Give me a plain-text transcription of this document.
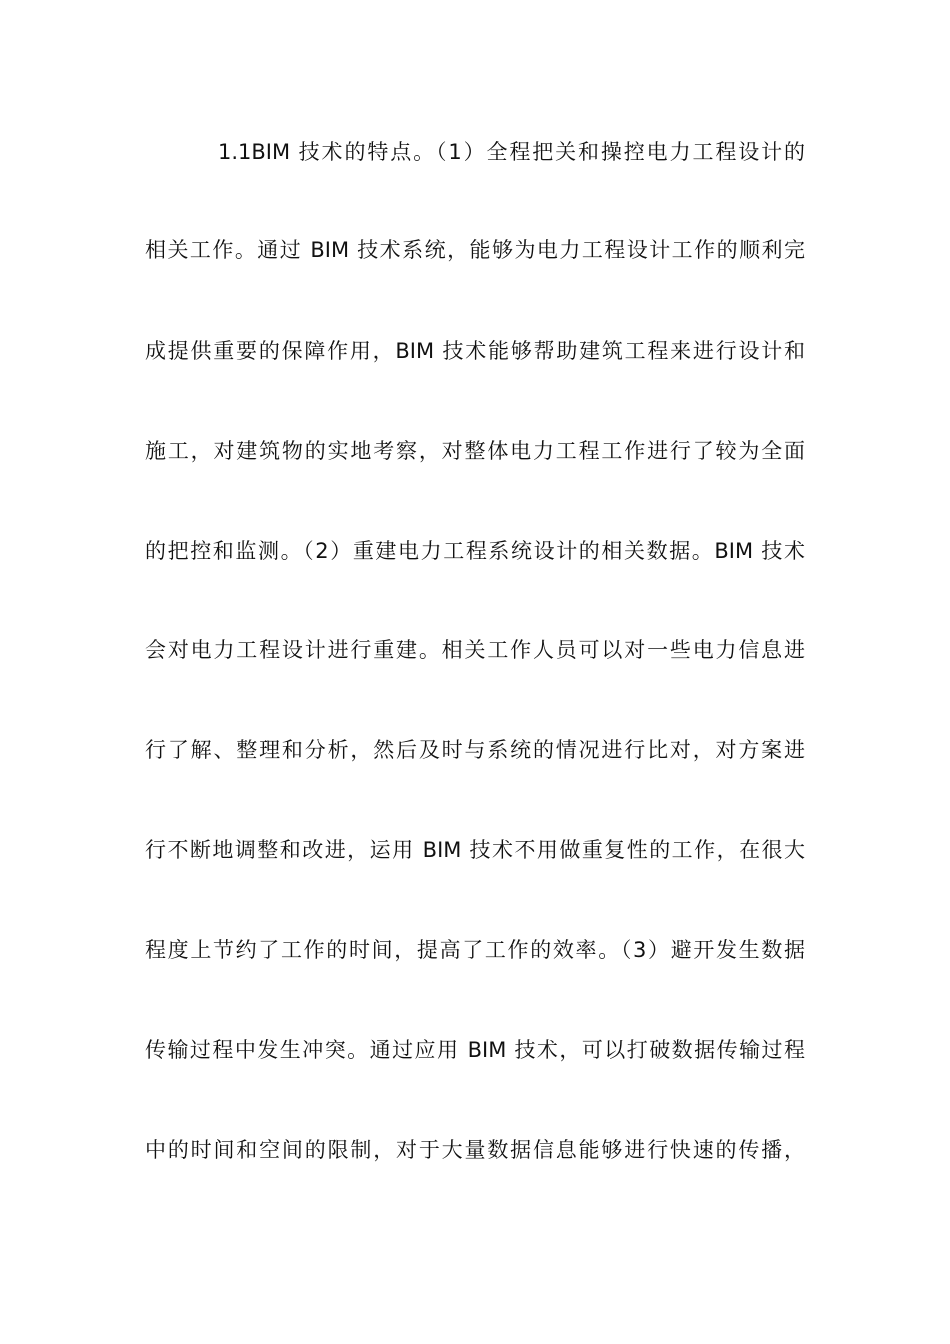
1.1BIM 技术的特点。（1）全程把关和操控电力工程设计的
相关工作。通过 BIM 技术系统，能够为电力工程设计工作的顺利完
成提供重要的保障作用，BIM 技术能够帮助建筑工程来进行设计和
施工，对建筑物的实地考察，对整体电力工程工作进行了较为全面
的把控和监测。（2）重建电力工程系统设计的相关数据。BIM 技术
会对电力工程设计进行重建。相关工作人员可以对一些电力信息进
行了解、整理和分析，然后及时与系统的情况进行比对，对方案进
行不断地调整和改进，运用 BIM 技术不用做重复性的工作，在很大
程度上节约了工作的时间，提高了工作的效率。（3）避开发生数据
传输过程中发生冲突。通过应用 BIM 技术，可以打破数据传输过程
中的时间和空间的限制，对于大量数据信息能够进行快速的传播，
